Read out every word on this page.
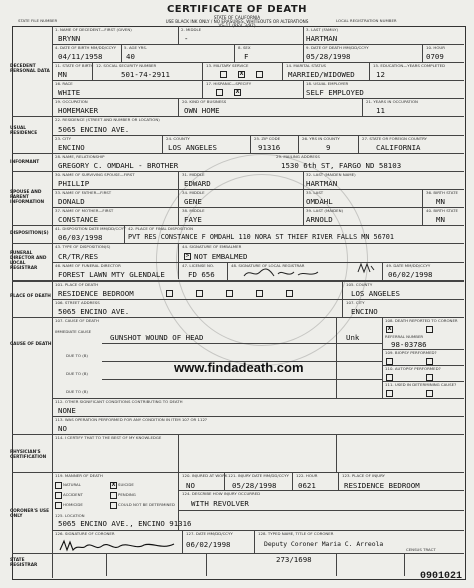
CERTIFICATE OF DEATH
STATE OF CALIFORNIA
USE BLACK INK ONLY / NO ERASURES, WHITEOUTS OR ALTERATIONS
VS-11 (REV. 3/97)
STATE FILE NUMBER	LOCAL REGISTRATION NUMBER
DECEDENT PERSONAL DATA
1. NAME OF DECEDENT—FIRST (GIVEN)	2. MIDDLE	3. LAST (FAMILY)
BRYNN	-	HARTMAN
4. DATE OF BIRTH MM/DD/CCYY 5. AGE YRS.	8. SEX	9. DATE OF DEATH MM/DD/CCYY	10. HOUR
04/11/1958	40	F	05/28/1998	0709
11. STATE OF BIRTH 12. SOCIAL SECURITY NUMBER	13. MILITARY SERVICE	14. MARITAL STATUS	15. EDUCATION—YEARS COMPLETED
MN	501-74-2911	X	MARRIED/WIDOWED	12
16. RACE	17. HISPANIC—SPECIFY	18. USUAL EMPLOYER
WHITE	X	SELF EMPLOYED
19. OCCUPATION	20. KIND OF BUSINESS	21. YEARS IN OCCUPATION
HOMEMAKER	OWN HOME	11
USUAL RESIDENCE
22. RESIDENCE (STREET AND NUMBER OR LOCATION)
5065 ENCINO AVE.
23. CITY	24. COUNTY	25. ZIP CODE	26. YRS IN COUNTY	27. STATE OR FOREIGN COUNTRY
ENCINO	LOS ANGELES	91316	9	CALIFORNIA
INFORMANT
28. NAME, RELATIONSHIP	29. MAILING ADDRESS
GREGORY C. OMDAHL - BROTHER	1530 6th ST, FARGO ND 58103
SPOUSE AND PARENT INFORMATION
30. NAME OF SURVIVING SPOUSE—FIRST	31. MIDDLE	32. LAST (MAIDEN NAME)
PHILLIP	EDWARD	HARTMAN
33. NAME OF FATHER—FIRST	34. MIDDLE	35. LAST	36. BIRTH STATE
DONALD	GENE	OMDAHL	MN
37. NAME OF MOTHER—FIRST	38. MIDDLE	39. LAST (MAIDEN)	40. BIRTH STATE
CONSTANCE	FAYE	ARNOLD	MN
DISPOSITION(S)
41. DISPOSITION DATE MM/DD/CCYY 42. PLACE OF FINAL DISPOSITION
06/03/1998	PVT RES CONSTANCE F OMDAHL 110 NORA ST THIEF RIVER FALLS MN 56701
FUNERAL DIRECTOR AND LOCAL REGISTRAR
43. TYPE OF DISPOSITION(S)	44. SIGNATURE OF EMBALMER
CR/TR/RES	> NOT EMBALMED
46. NAME OF FUNERAL DIRECTOR	47. LICENSE NO.	48. SIGNATURE OF LOCAL REGISTRAR	49. DATE MM/DD/CCYY
FOREST LAWN MTY GLENDALE	FD 656	06/02/1998
PLACE OF DEATH
101. PLACE OF DEATH	105. COUNTY
RESIDENCE BEDROOM	LOS ANGELES
106. STREET ADDRESS	107. CITY
5065 ENCINO AVE.	ENCINO
CAUSE OF DEATH
107. CAUSE OF DEATH
IMMEDIATE CAUSE
GUNSHOT WOUND OF HEAD	Unk
DUE TO (B)
DUE TO (B)
DUE TO (B)
108. DEATH REPORTED TO CORONER
X
REFERRAL NUMBER
98-03786
109. BIOPSY PERFORMED?
110. AUTOPSY PERFORMED?
111. USED IN DETERMINING CAUSE?
www.findadeath.com
112. OTHER SIGNIFICANT CONDITIONS CONTRIBUTING TO DEATH
NONE
113. WAS OPERATION PERFORMED FOR ANY CONDITION IN ITEM 107 OR 112?
NO
PHYSICIAN'S CERTIFICATION
114. I CERTIFY THAT TO THE BEST OF MY KNOWLEDGE
CORONER'S USE ONLY
119. MANNER OF DEATH
NATURAL
ACCIDENT
HOMICIDE
X SUICIDE
PENDING
COULD NOT BE DETERMINED
120. INJURED AT WORK 121. INJURY DATE MM/DD/CCYY 122. HOUR	123. PLACE OF INJURY
NO	05/28/1998	0621	RESIDENCE BEDROOM
124. DESCRIBE HOW INJURY OCCURRED
WITH REVOLVER
125. LOCATION
5065 ENCINO AVE., ENCINO 91316
126. SIGNATURE OF CORONER	127. DATE MM/DD/CCYY	128. TYPED NAME, TITLE OF CORONER
06/02/1998	Deputy Coroner Maria C. Arreola
STATE REGISTRAR
CENSUS TRACT
273/1698
0901021
